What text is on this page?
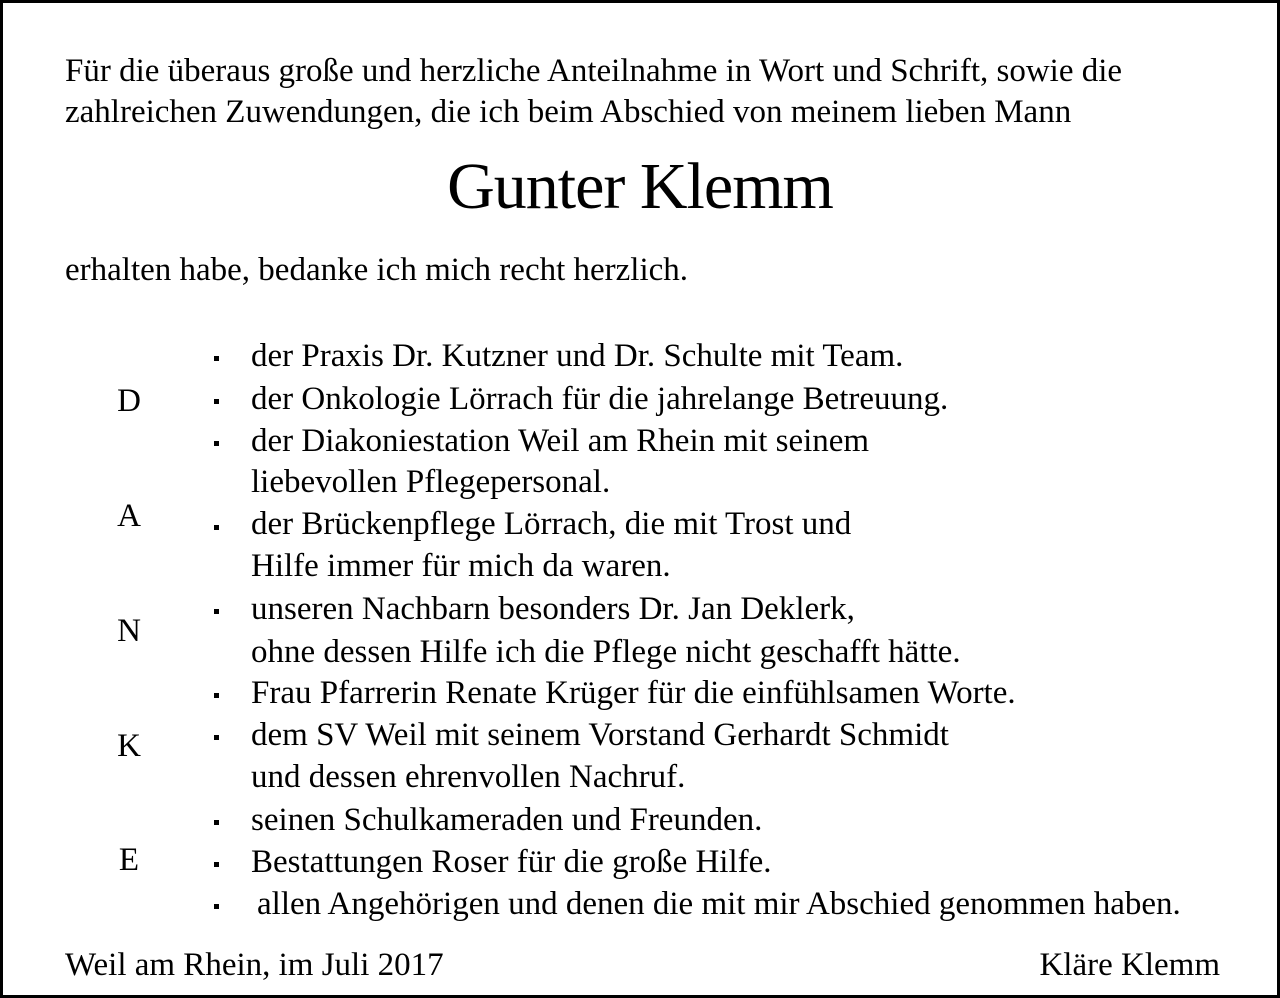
Für die überaus große und herzliche Anteilnahme in Wort und Schrift, sowie die
zahlreichen Zuwendungen, die ich beim Abschied von meinem lieben Mann
Gunter Klemm
erhalten habe, bedanke ich mich recht herzlich.
D
A
N
K
E
der Praxis Dr. Kutzner und Dr. Schulte mit Team.
der Onkologie Lörrach für die jahrelange Betreuung.
der Diakoniestation Weil am Rhein mit seinem
liebevollen Pflegepersonal.
der Brückenpflege Lörrach, die mit Trost und
Hilfe immer für mich da waren.
unseren Nachbarn besonders Dr. Jan Deklerk,
ohne dessen Hilfe ich die Pflege nicht geschafft hätte.
Frau Pfarrerin Renate Krüger für die einfühlsamen Worte.
dem SV Weil mit seinem Vorstand Gerhardt Schmidt
und dessen ehrenvollen Nachruf.
seinen Schulkameraden und Freunden.
Bestattungen Roser für die große Hilfe.
allen Angehörigen und denen die mit mir Abschied genommen haben.
Weil am Rhein, im Juli 2017	Kläre Klemm
